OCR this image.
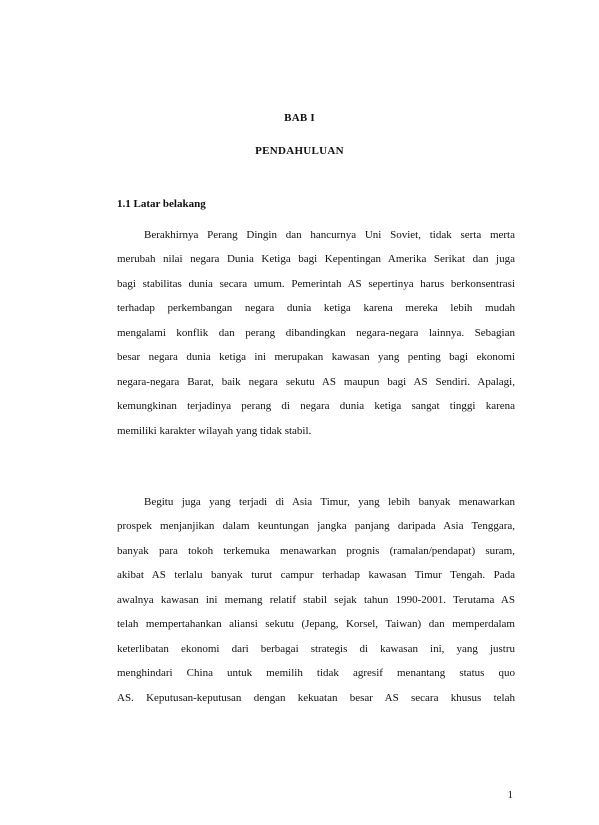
BAB I
PENDAHULUAN
1.1 Latar belakang
Berakhirnya Perang Dingin dan hancurnya Uni Soviet, tidak serta merta
merubah nilai negara Dunia Ketiga bagi Kepentingan Amerika Serikat dan juga
bagi stabilitas dunia secara umum. Pemerintah AS sepertinya harus berkonsentrasi
terhadap perkembangan negara dunia ketiga karena mereka lebih mudah
mengalami konflik dan perang dibandingkan negara-negara lainnya. Sebagian
besar negara dunia ketiga ini merupakan kawasan yang penting bagi ekonomi
negara-negara Barat, baik negara sekutu AS maupun bagi AS Sendiri. Apalagi,
kemungkinan terjadinya perang di negara dunia ketiga sangat tinggi karena
memiliki karakter wilayah yang tidak stabil.
Begitu juga yang terjadi di Asia Timur, yang lebih banyak menawarkan
prospek menjanjikan dalam keuntungan jangka panjang daripada Asia Tenggara,
banyak para tokoh terkemuka menawarkan prognis (ramalan/pendapat) suram,
akibat AS terlalu banyak turut campur terhadap kawasan Timur Tengah. Pada
awalnya kawasan ini memang relatif stabil sejak tahun 1990-2001. Terutama AS
telah mempertahankan aliansi sekutu (Jepang, Korsel, Taiwan) dan memperdalam
keterlibatan ekonomi dari berbagai strategis di kawasan ini, yang justru
menghindari China untuk memilih tidak agresif menantang status quo
AS. Keputusan-keputusan dengan kekuatan besar AS secara khusus telah
1
